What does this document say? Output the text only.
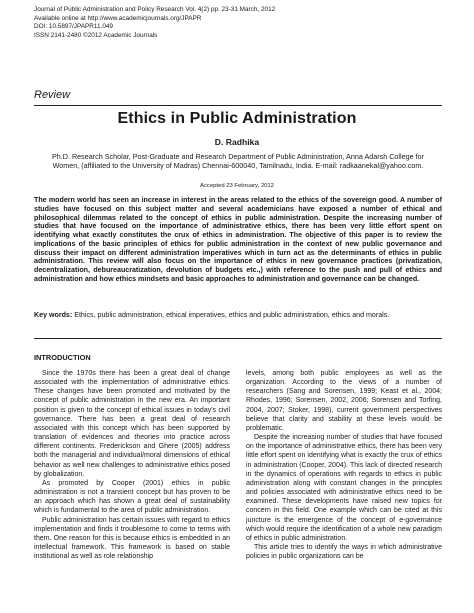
Journal of Public Administration and Policy Research Vol. 4(2) pp. 23-31 March, 2012
Available online at http://www.academicjournals.org/JPAPR
DOI: 10.5897/JPAPR11.049
ISSN 2141-2480 ©2012 Academic Journals
Review
Ethics in Public Administration
D. Radhika
Ph.D. Research Scholar, Post-Graduate and Research Department of Public Administration, Anna Adarsh College for Women, (affiliated to the University of Madras) Chennai-600040, Tamilnadu, India. E-mail: radkaanekal@yahoo.com.
Accepted 23 February, 2012
The modern world has seen an increase in interest in the areas related to the ethics of the sovereign good. A number of studies have focused on this subject matter and several academicians have exposed a number of ethical and philosophical dilemmas related to the concept of ethics in public administration. Despite the increasing number of studies that have focused on the importance of administrative ethics, there has been very little effort spent on identifying what exactly constitutes the crux of ethics in administration. The objective of this paper is to review the implications of the basic principles of ethics for public administration in the context of new public governance and discuss their impact on different administration imperatives which in turn act as the determinants of ethics in public administration. This review will also focus on the importance of ethics in new governance practices (privatization, decentralization, debureaucratization, devolution of budgets etc.,) with reference to the push and pull of ethics and administration and how ethics mindsets and basic approaches to administration and governance can be changed.
Key words: Ethics, public administration, ethical imperatives, ethics and public administration, ethics and morals.
INTRODUCTION

Since the 1970s there has been a great deal of change associated with the implementation of administrative ethics. These changes have been promoted and motivated by the concept of public administration in the new era. An important position is given to the concept of ethical issues in today's civil governance. There has been a great deal of research associated with this concept which has been supported by translation of evidences and theories into practice across different continents. Frederickson and Ghere (2005) address both the managerial and individual/moral dimensions of ethical behavior as well new challenges to administrative ethics posed by globalization.

As promoted by Cooper (2001) ethics in public administration is not a transient concept but has proven to be an approach which has shown a great deal of sustainability which is fundamental to the area of public administration.

Public administration has certain issues with regard to ethics implementation and finds it troublesome to come to terms with them. One reason for this is because ethics is embedded in an intellectual framework. This framework is based on stable institutional as well as role relationship

levels, among both public employees as well as the organization. According to the views of a number of researchers (Sang and Sorensen, 1999; Keast et al., 2004; Rhodes, 1996; Sorensen, 2002, 2006; Sorensen and Torfing, 2004, 2007; Stoker, 1998), current government perspectives believe that clarity and stability at these levels would be problematic.

Despite the increasing number of studies that have focused on the importance of administrative ethics, there has been very little effort spent on identifying what is exactly the crux of ethics in administration (Cooper, 2004). This lack of directed research in the dynamics of operations with regards to ethics in public administration along with constant changes in the principles and policies associated with administrative ethics need to be examined. These developments have raised new topics for concern in this field. One example which can be cited at this juncture is the emergence of the concept of e-governance which would require the identification of a whole new paradigm of ethics in public administration.

This article tries to identify the ways in which administrative policies in public organizations can be
